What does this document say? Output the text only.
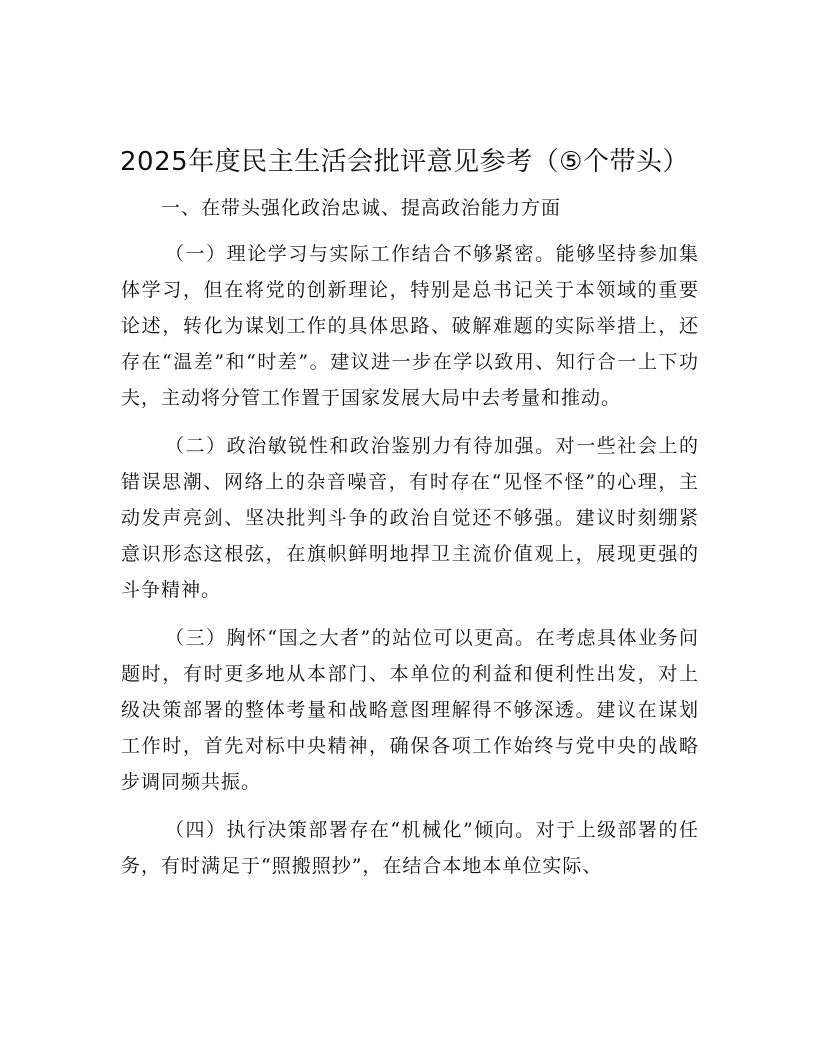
2025年度民主生活会批评意见参考（⑤个带头）

一、在带头强化政治忠诚、提高政治能力方面

（一）理论学习与实际工作结合不够紧密。能够坚持参加集体学习，但在将党的创新理论，特别是总书记关于本领域的重要论述，转化为谋划工作的具体思路、破解难题的实际举措上，还存在“温差”和“时差”。建议进一步在学以致用、知行合一上下功夫，主动将分管工作置于国家发展大局中去考量和推动。

（二）政治敏锐性和政治鉴别力有待加强。对一些社会上的错误思潮、网络上的杂音噪音，有时存在“见怪不怪”的心理，主动发声亮剑、坚决批判斗争的政治自觉还不够强。建议时刻绷紧意识形态这根弦，在旗帜鲜明地捍卫主流价值观上，展现更强的斗争精神。

（三）胸怀“国之大者”的站位可以更高。在考虑具体业务问题时，有时更多地从本部门、本单位的利益和便利性出发，对上级决策部署的整体考量和战略意图理解得不够深透。建议在谋划工作时，首先对标中央精神，确保各项工作始终与党中央的战略步调同频共振。

（四）执行决策部署存在“机械化”倾向。对于上级部署的任务，有时满足于“照搬照抄”，在结合本地本单位实际、
